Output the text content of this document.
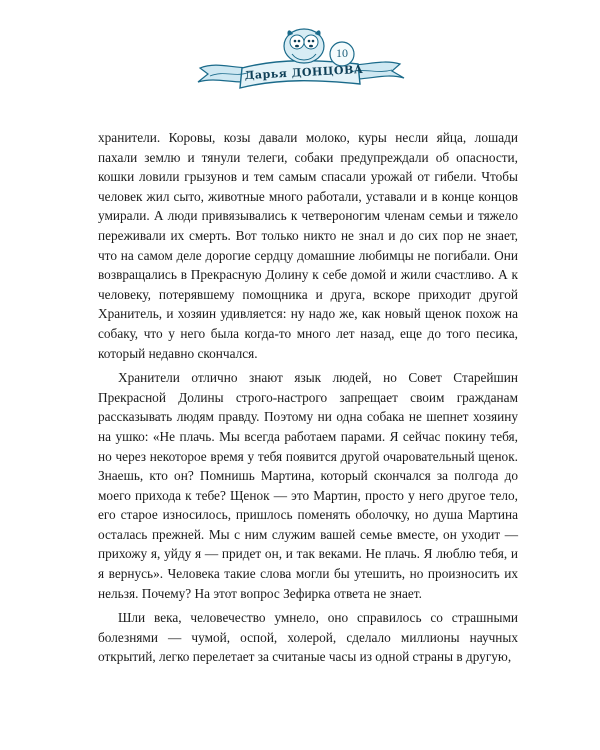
10
Дарья ДОНЦОВА

хранители. Коровы, козы давали молоко, куры несли яйца, лошади пахали землю и тянули телеги, собаки предупреждали об опасности, кошки ловили грызунов и тем самым спасали урожай от гибели. Чтобы человек жил сыто, животные много работали, уставали и в конце концов умирали. А люди привязывались к четвероногим членам семьи и тяжело переживали их смерть. Вот только никто не знал и до сих пор не знает, что на самом деле дорогие сердцу домашние любимцы не погибали. Они возвращались в Прекрасную Долину к себе домой и жили счастливо. А к человеку, потерявшему помощника и друга, вскоре приходит другой Хранитель, и хозяин удивляется: ну надо же, как новый щенок похож на собаку, что у него была когда-то много лет назад, еще до того песика, который недавно скончался.

Хранители отлично знают язык людей, но Совет Старейшин Прекрасной Долины строго-настрого запрещает своим гражданам рассказывать людям правду. Поэтому ни одна собака не шепнет хозяину на ушко: «Не плачь. Мы всегда работаем парами. Я сейчас покину тебя, но через некоторое время у тебя появится другой очаровательный щенок. Знаешь, кто он? Помнишь Мартина, который скончался за полгода до моего прихода к тебе? Щенок — это Мартин, просто у него другое тело, его старое износилось, пришлось поменять оболочку, но душа Мартина осталась прежней. Мы с ним служим вашей семье вместе, он уходит — прихожу я, уйду я — придет он, и так веками. Не плачь. Я люблю тебя, и я вернусь». Человека такие слова могли бы утешить, но произносить их нельзя. Почему? На этот вопрос Зефирка ответа не знает.

Шли века, человечество умнело, оно справилось со страшными болезнями — чумой, оспой, холерой, сделало миллионы научных открытий, легко перелетает за считаные часы из одной страны в другую,
